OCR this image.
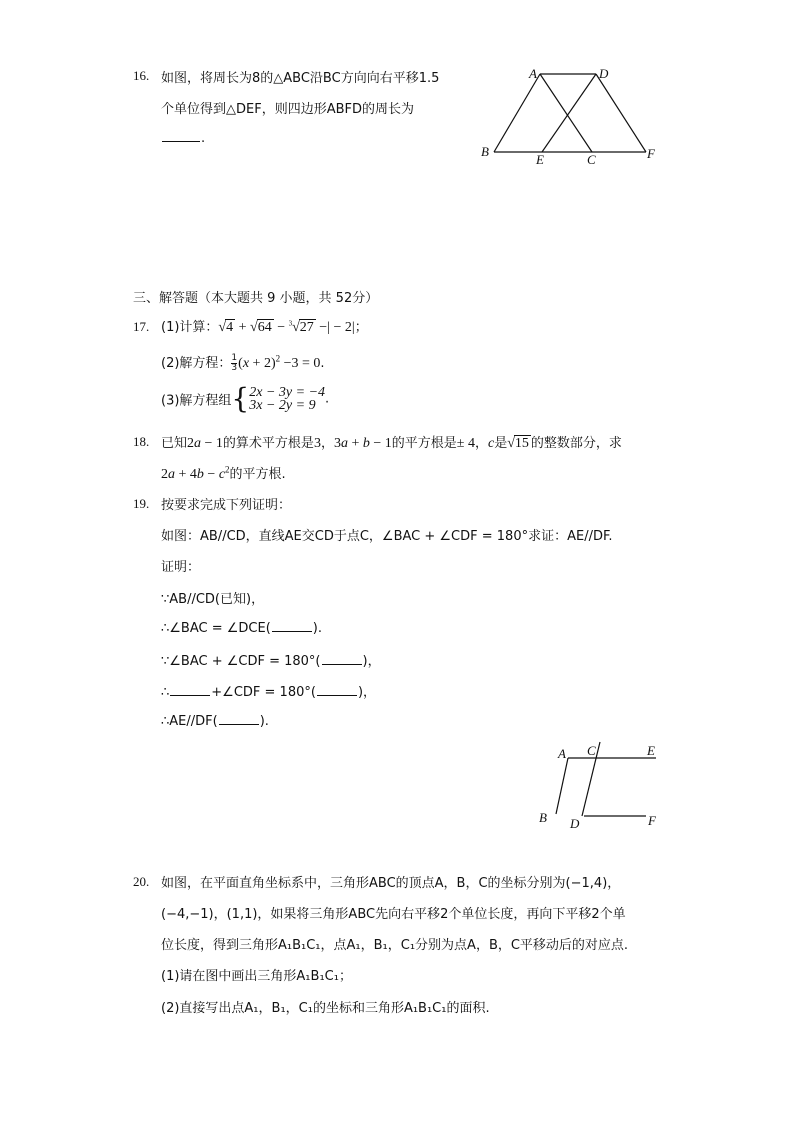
16. 如图，将周长为8的△ABC沿BC方向向右平移1.5
个单位得到△DEF，则四边形ABFD的周长为
.
A	D
B
E	C	F
三、解答题（本大题共 9 小题，共 52分）
17. (1)计算：√4 + √64 − $^3$√27 −| − 2|；
(2)解方程： $\frac{1}{3} (x + 2)^2 -3 = 0$.
(3)解方程组{ 2x − 3y = −4
3x − 2y = 9 .
18. 已知2a − 1的算术平方根是3，3a + b − 1的平方根是± 4，c是√15 的整数部分，求
$2a + 4b - c^2$的平方根.
19. 按要求完成下列证明：
如图：AB//CD，直线AE交CD于点C，∠BAC + ∠CDF = 180°求证：AE//DF.
证明：
∵AB//CD(已知)，
∴∠BAC = ∠DCE(	).
∵∠BAC + ∠CDF = 180°(	)，
∴	+∠CDF = 180°(	)，
∴AE//DF(	).
A C	E
B D	F
20. 如图，在平面直角坐标系中，三角形ABC的顶点A，B，C的坐标分别为(−1,4)，
(−4,−1)，(1,1)，如果将三角形ABC先向右平移2个单位长度，再向下平移2个单
位长度，得到三角形A₁B₁C₁，点A₁，B₁，C₁分别为点A，B，C平移动后的对应点.
(1)请在图中画出三角形A₁B₁C₁；
(2)直接写出点A₁，B₁，C₁的坐标和三角形A₁B₁C₁的面积.
